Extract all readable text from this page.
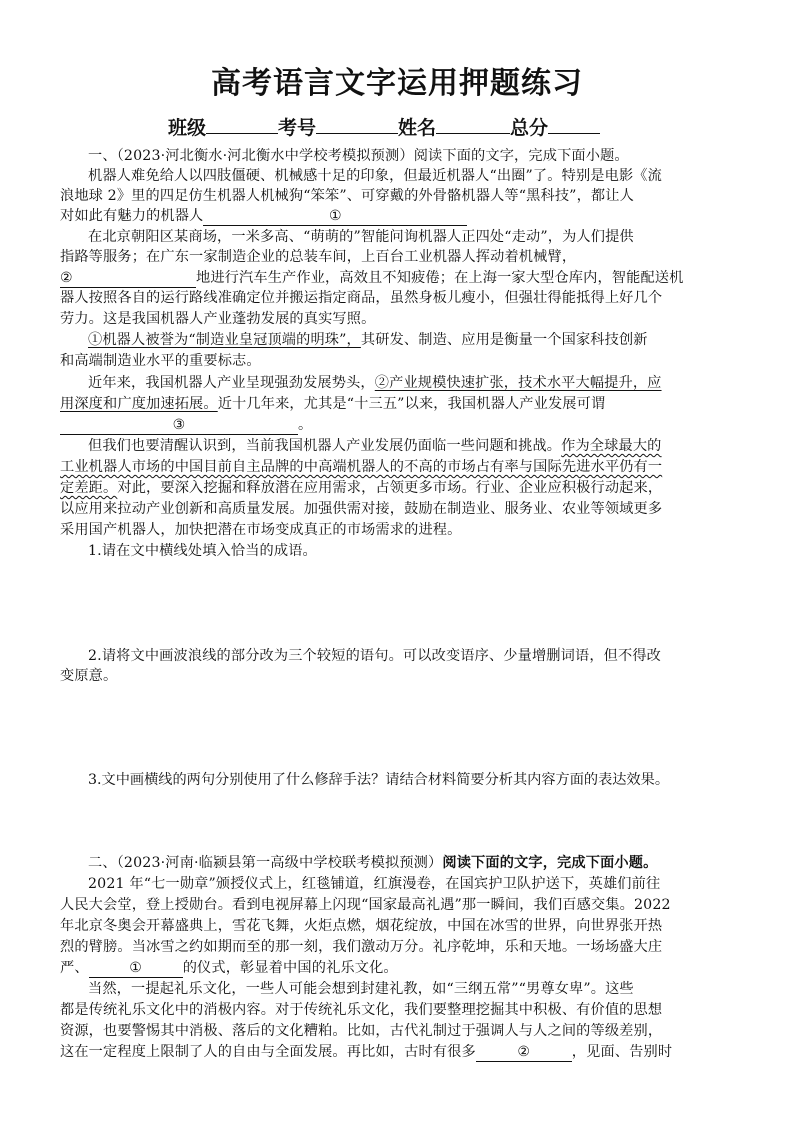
高考语言文字运用押题练习
班级	考号	姓名	总分
一、（2023·河北衡水·河北衡水中学校考模拟预测）阅读下面的文字，完成下面小题。
机器人难免给人以四肢僵硬、机械感十足的印象，但最近机器人“出圈”了。特别是电影《流
浪地球 2》里的四足仿生机器人机械狗“笨笨”、可穿戴的外骨骼机器人等“黑科技”，都让人
对如此有魅力的机器人	①
在北京朝阳区某商场，一米多高、“萌萌的”智能问询机器人正四处“走动”，为人们提供
指路等服务；在广东一家制造企业的总装车间，上百台工业机器人挥动着机械臂，
②	地进行汽车生产作业，高效且不知疲倦；在上海一家大型仓库内，智能配送机
器人按照各自的运行路线准确定位并搬运指定商品，虽然身板儿瘦小，但强壮得能抵得上好几个
劳力。这是我国机器人产业蓬勃发展的真实写照。
①机器人被誉为“制造业皇冠顶端的明珠”，其研发、制造、应用是衡量一个国家科技创新
和高端制造业水平的重要标志。
近年来，我国机器人产业呈现强劲发展势头，②产业规模快速扩张，技术水平大幅提升，应
用深度和广度加速拓展。近十几年来，尤其是“十三五”以来，我国机器人产业发展可谓
③	。
但我们也要清醒认识到，当前我国机器人产业发展仍面临一些问题和挑战。作为全球最大的
工业机器人市场的中国目前自主品牌的中高端机器人的不高的市场占有率与国际先进水平仍有一
定差距。对此，要深入挖掘和释放潜在应用需求，占领更多市场。行业、企业应积极行动起来，
以应用来拉动产业创新和高质量发展。加强供需对接，鼓励在制造业、服务业、农业等领域更多
采用国产机器人，加快把潜在市场变成真正的市场需求的进程。
1.请在文中横线处填入恰当的成语。
2.请将文中画波浪线的部分改为三个较短的语句。可以改变语序、少量增删词语，但不得改
变原意。
3.文中画横线的两句分别使用了什么修辞手法？请结合材料简要分析其内容方面的表达效果。
二、（2023·河南·临颍县第一高级中学校联考模拟预测）阅读下面的文字，完成下面小题。
2021 年“七一勋章”颁授仪式上，红毯铺道，红旗漫卷，在国宾护卫队护送下，英雄们前往
人民大会堂，登上授勋台。看到电视屏幕上闪现“国家最高礼遇”那一瞬间，我们百感交集。2022
年北京冬奥会开幕盛典上，雪花飞舞，火炬点燃，烟花绽放，中国在冰雪的世界，向世界张开热
烈的臂膀。当冰雪之约如期而至的那一刻，我们激动万分。礼序乾坤，乐和天地。一场场盛大庄
严、	①	的仪式，彰显着中国的礼乐文化。
当然，一提起礼乐文化，一些人可能会想到封建礼教，如“三纲五常”“男尊女卑”。这些
都是传统礼乐文化中的消极内容。对于传统礼乐文化，我们要整理挖掘其中积极、有价值的思想
资源，也要警惕其中消极、落后的文化糟粕。比如，古代礼制过于强调人与人之间的等级差别，
这在一定程度上限制了人的自由与全面发展。再比如，古时有很多	②	，见面、告别时
